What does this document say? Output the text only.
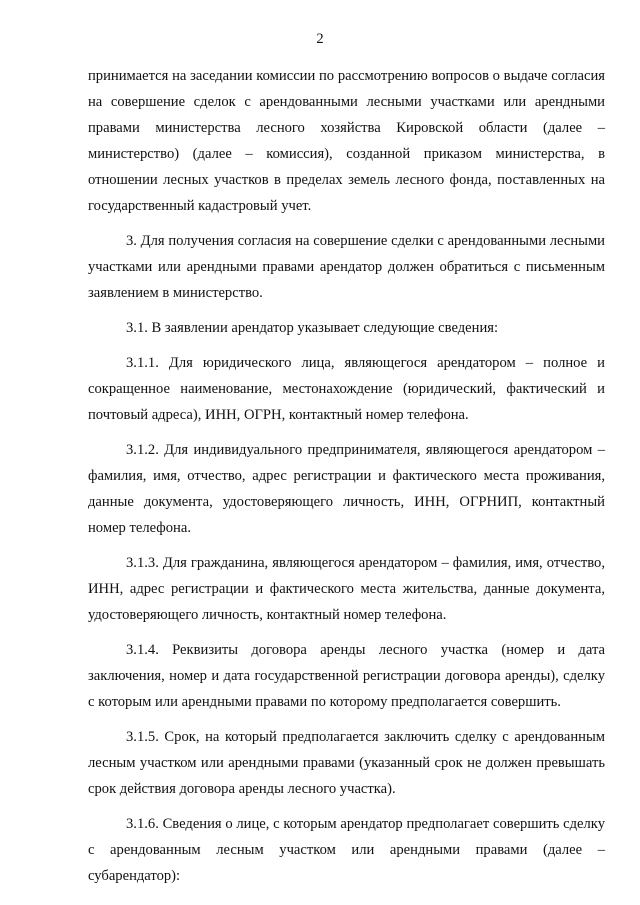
2

принимается на заседании комиссии по рассмотрению вопросов о выдаче согласия на совершение сделок с арендованными лесными участками или арендными правами министерства лесного хозяйства Кировской области (далее – министерство) (далее – комиссия), созданной приказом министерства, в отношении лесных участков в пределах земель лесного фонда, поставленных на государственный кадастровый учет.

3. Для получения согласия на совершение сделки с арендованными лесными участками или арендными правами арендатор должен обратиться с письменным заявлением в министерство.

3.1. В заявлении арендатор указывает следующие сведения:

3.1.1. Для юридического лица, являющегося арендатором – полное и сокращенное наименование, местонахождение (юридический, фактический и почтовый адреса), ИНН, ОГРН, контактный номер телефона.

3.1.2. Для индивидуального предпринимателя, являющегося арендатором – фамилия, имя, отчество, адрес регистрации и фактического места проживания, данные документа, удостоверяющего личность, ИНН, ОГРНИП, контактный номер телефона.

3.1.3. Для гражданина, являющегося арендатором – фамилия, имя, отчество, ИНН, адрес регистрации и фактического места жительства, данные документа, удостоверяющего личность, контактный номер телефона.

3.1.4. Реквизиты договора аренды лесного участка (номер и дата заключения, номер и дата государственной регистрации договора аренды), сделку с которым или арендными правами по которому предполагается совершить.

3.1.5. Срок, на который предполагается заключить сделку с арендованным лесным участком или арендными правами (указанный срок не должен превышать срок действия договора аренды лесного участка).

3.1.6. Сведения о лице, с которым арендатор предполагает совершить сделку с арендованным лесным участком или арендными правами (далее – субарендатор):
